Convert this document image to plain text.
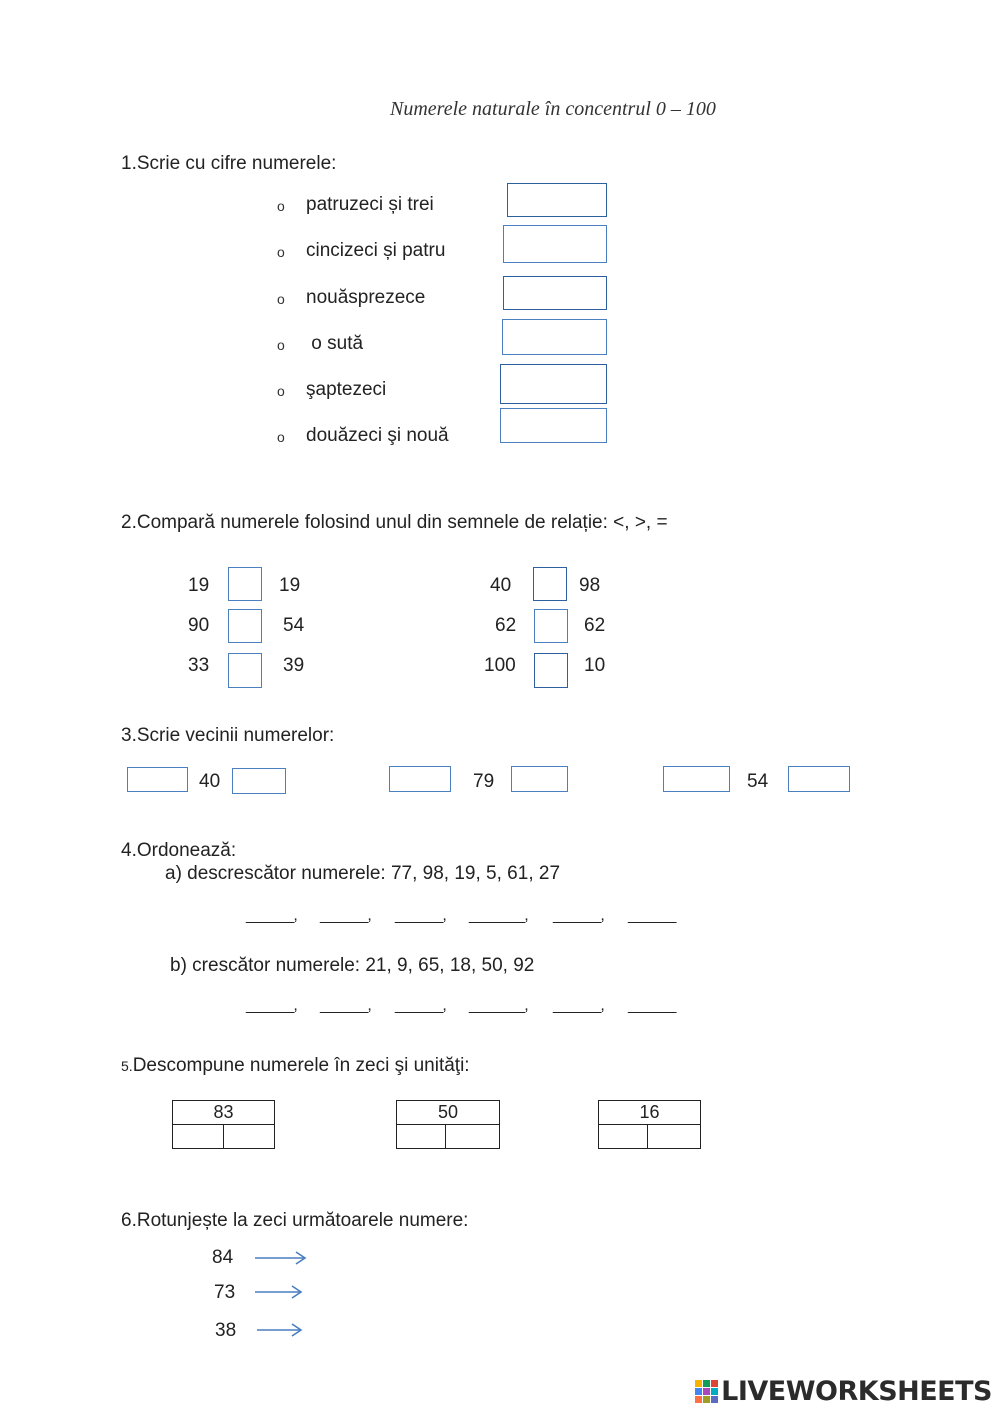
Numerele naturale în concentrul 0 – 100
1.Scrie cu cifre numerele:
o patruzeci și trei
o cincizeci și patru
o nouăsprezece
o o sută
o şaptezeci
o douăzeci şi nouă
2.Compară numerele folosind unul din semnele de relație: <, >, =
19	19
90	54
33	39
40	98
62	62
100	10
3.Scrie vecinii numerelor:
40	79	54
4.Ordonează:
a) descrescător numerele: 77, 98, 19, 5, 61, 27
______, ______, ______, _______, ______, ______
b) crescător numerele: 21, 9, 65, 18, 50, 92
______, ______, ______, _______, ______, ______
5.Descompune numerele în zeci şi unităţi:
83
		50
		16

6.Rotunjește la zeci următoarele numere:
84
73
38
LIVEWORKSHEETS
